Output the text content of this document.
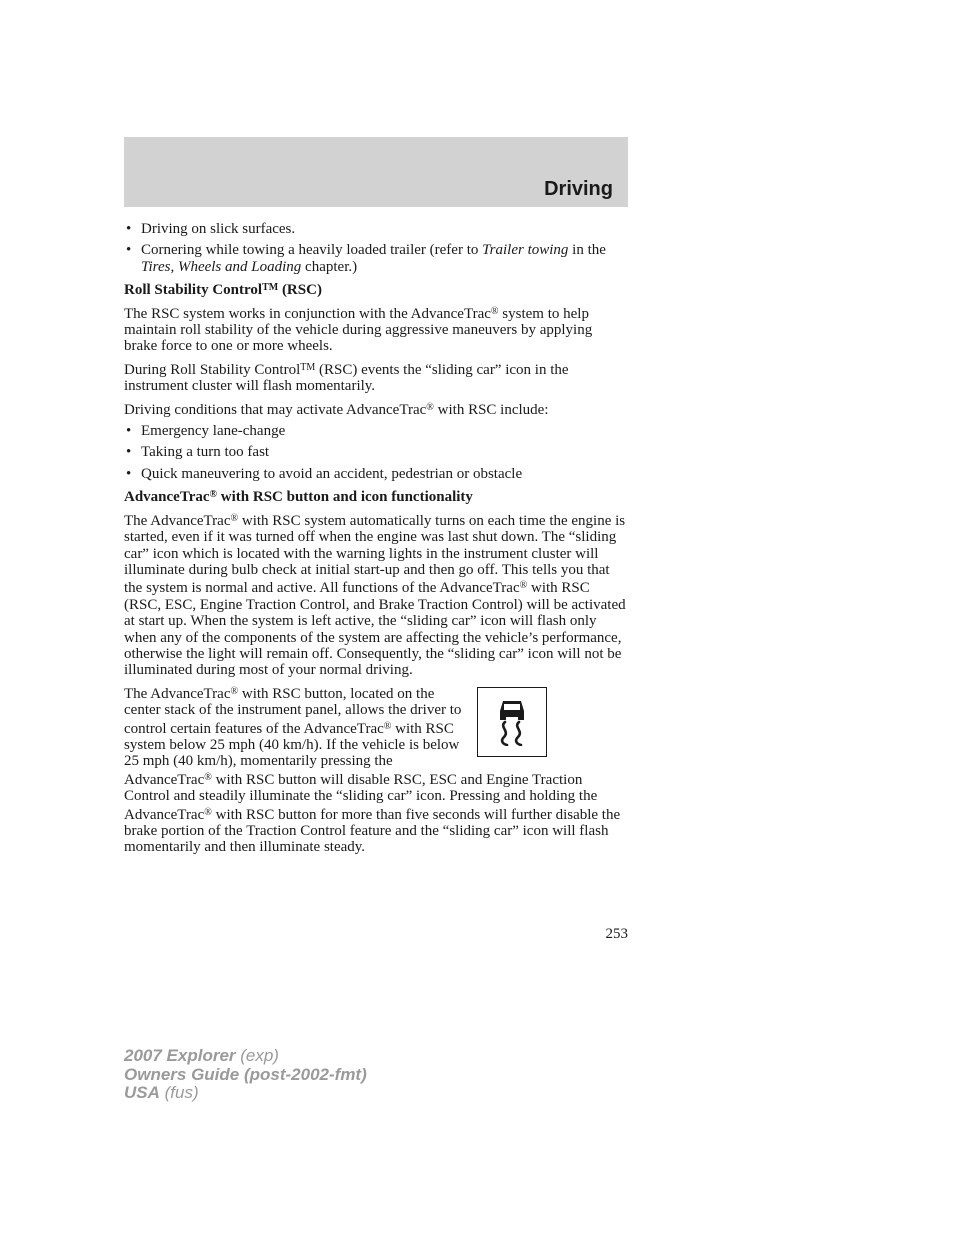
Driving
• Driving on slick surfaces.
• Cornering while towing a heavily loaded trailer (refer to Trailer towing in the Tires, Wheels and Loading chapter.)
Roll Stability Control™ (RSC)

The RSC system works in conjunction with the AdvanceTrac® system to help maintain roll stability of the vehicle during aggressive maneuvers by applying brake force to one or more wheels.

During Roll Stability Control™ (RSC) events the “sliding car” icon in the instrument cluster will flash momentarily.

Driving conditions that may activate AdvanceTrac® with RSC include:

• Emergency lane-change
• Taking a turn too fast
• Quick maneuvering to avoid an accident, pedestrian or obstacle
AdvanceTrac® with RSC button and icon functionality

The AdvanceTrac® with RSC system automatically turns on each time the engine is started, even if it was turned off when the engine was last shut down. The “sliding car” icon which is located with the warning lights in the instrument cluster will illuminate during bulb check at initial start-up and then go off. This tells you that the system is normal and active. All functions of the AdvanceTrac® with RSC (RSC, ESC, Engine Traction Control, and Brake Traction Control) will be activated at start up. When the system is left active, the “sliding car” icon will flash only when any of the components of the system are affecting the vehicle’s performance, otherwise the light will remain off. Consequently, the “sliding car” icon will not be illuminated during most of your normal driving.

The AdvanceTrac® with RSC button, located on the center stack of the instrument panel, allows the driver to control certain features of the AdvanceTrac® with RSC system below 25 mph (40 km/h). If the vehicle is below 25 mph (40 km/h), momentarily pressing the AdvanceTrac® with RSC button will disable RSC, ESC and Engine Traction Control and steadily illuminate the “sliding car” icon. Pressing and holding the AdvanceTrac® with RSC button for more than five seconds will further disable the brake portion of the Traction Control feature and the “sliding car” icon will flash momentarily and then illuminate steady.

253
2007 Explorer (exp)
Owners Guide (post-2002-fmt)
USA (fus)
